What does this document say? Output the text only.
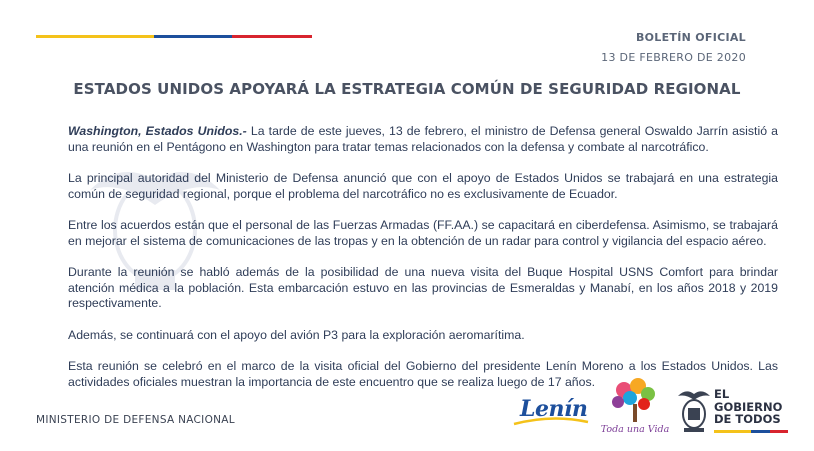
BOLETÍN OFICIAL
13 DE FEBRERO DE 2020
ESTADOS UNIDOS APOYARÁ LA ESTRATEGIA COMÚN DE SEGURIDAD REGIONAL

Washington, Estados Unidos.- La tarde de este jueves, 13 de febrero, el ministro de Defensa general Oswaldo Jarrín asistió a una reunión en el Pentágono en Washington para tratar temas relacionados con la defensa y combate al narcotráfico.

La principal autoridad del Ministerio de Defensa anunció que con el apoyo de Estados Unidos se trabajará en una estrategia común de seguridad regional, porque el problema del narcotráfico no es exclusivamente de Ecuador.

Entre los acuerdos están que el personal de las Fuerzas Armadas (FF.AA.) se capacitará en ciberdefensa. Asimismo, se trabajará en mejorar el sistema de comunicaciones de las tropas y en la obtención de un radar para control y vigilancia del espacio aéreo.

Durante la reunión se habló además de la posibilidad de una nueva visita del Buque Hospital USNS Comfort para brindar atención médica a la población. Esta embarcación estuvo en las provincias de Esmeraldas y Manabí, en los años 2018 y 2019 respectivamente.

Además, se continuará con el apoyo del avión P3 para la exploración aeromarítima.

Esta reunión se celebró en el marco de la visita oficial del Gobierno del presidente Lenín Moreno a los Estados Unidos. Las actividades oficiales muestran la importancia de este encuentro que se realiza luego de 17 años.

MINISTERIO DE DEFENSA NACIONAL	Lenín
Toda una Vida
EL
GOBIERNO
DE TODOS
